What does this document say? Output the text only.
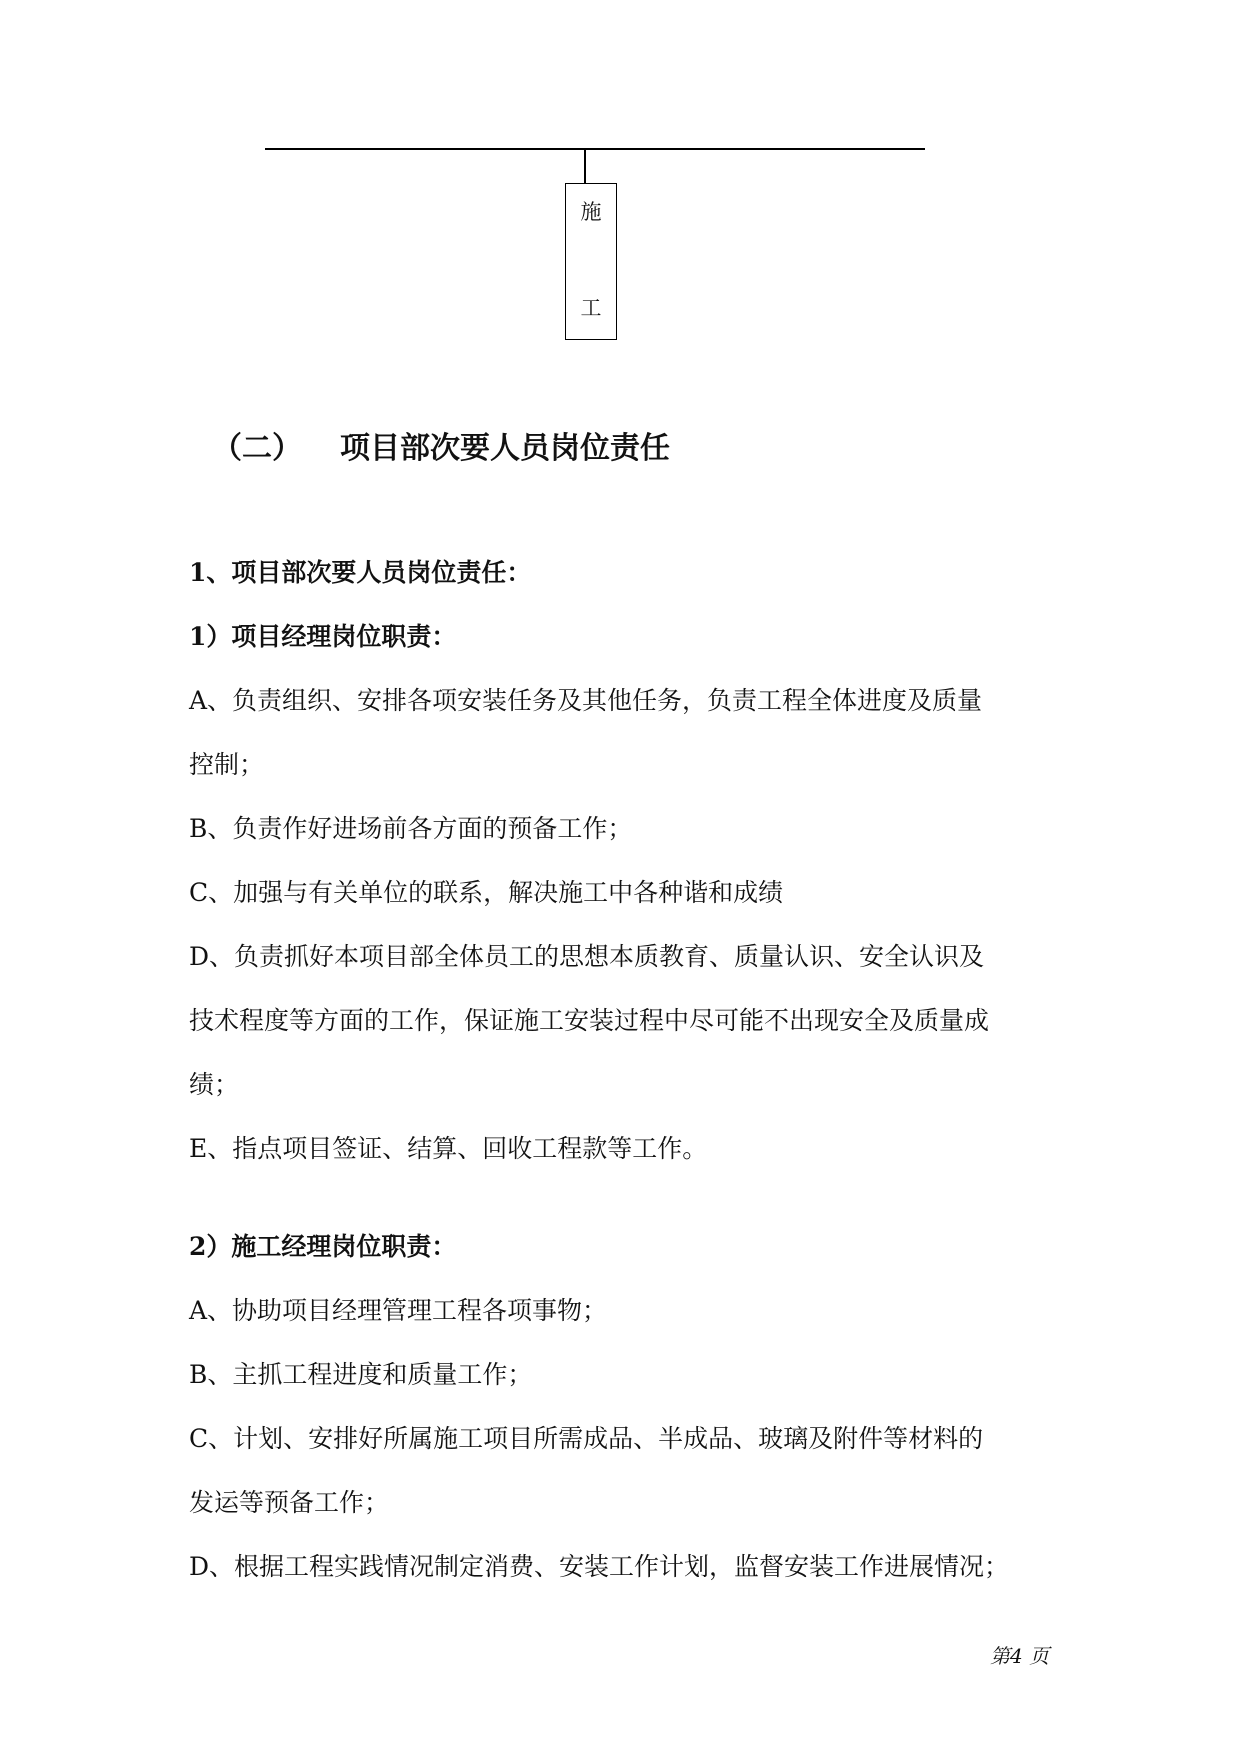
施
工
（二） 项目部次要人员岗位责任
1、项目部次要人员岗位责任：
1）项目经理岗位职责：
A、负责组织、安排各项安装任务及其他任务，负责工程全体进度及质量
控制；
B、负责作好进场前各方面的预备工作；
C、加强与有关单位的联系，解决施工中各种谐和成绩
D、负责抓好本项目部全体员工的思想本质教育、质量认识、安全认识及
技术程度等方面的工作，保证施工安装过程中尽可能不出现安全及质量成
绩；
E、指点项目签证、结算、回收工程款等工作。
2）施工经理岗位职责：
A、协助项目经理管理工程各项事物；
B、主抓工程进度和质量工作；
C、计划、安排好所属施工项目所需成品、半成品、玻璃及附件等材料的
发运等预备工作；
D、根据工程实践情况制定消费、安装工作计划，监督安装工作进展情况；
第4 页
